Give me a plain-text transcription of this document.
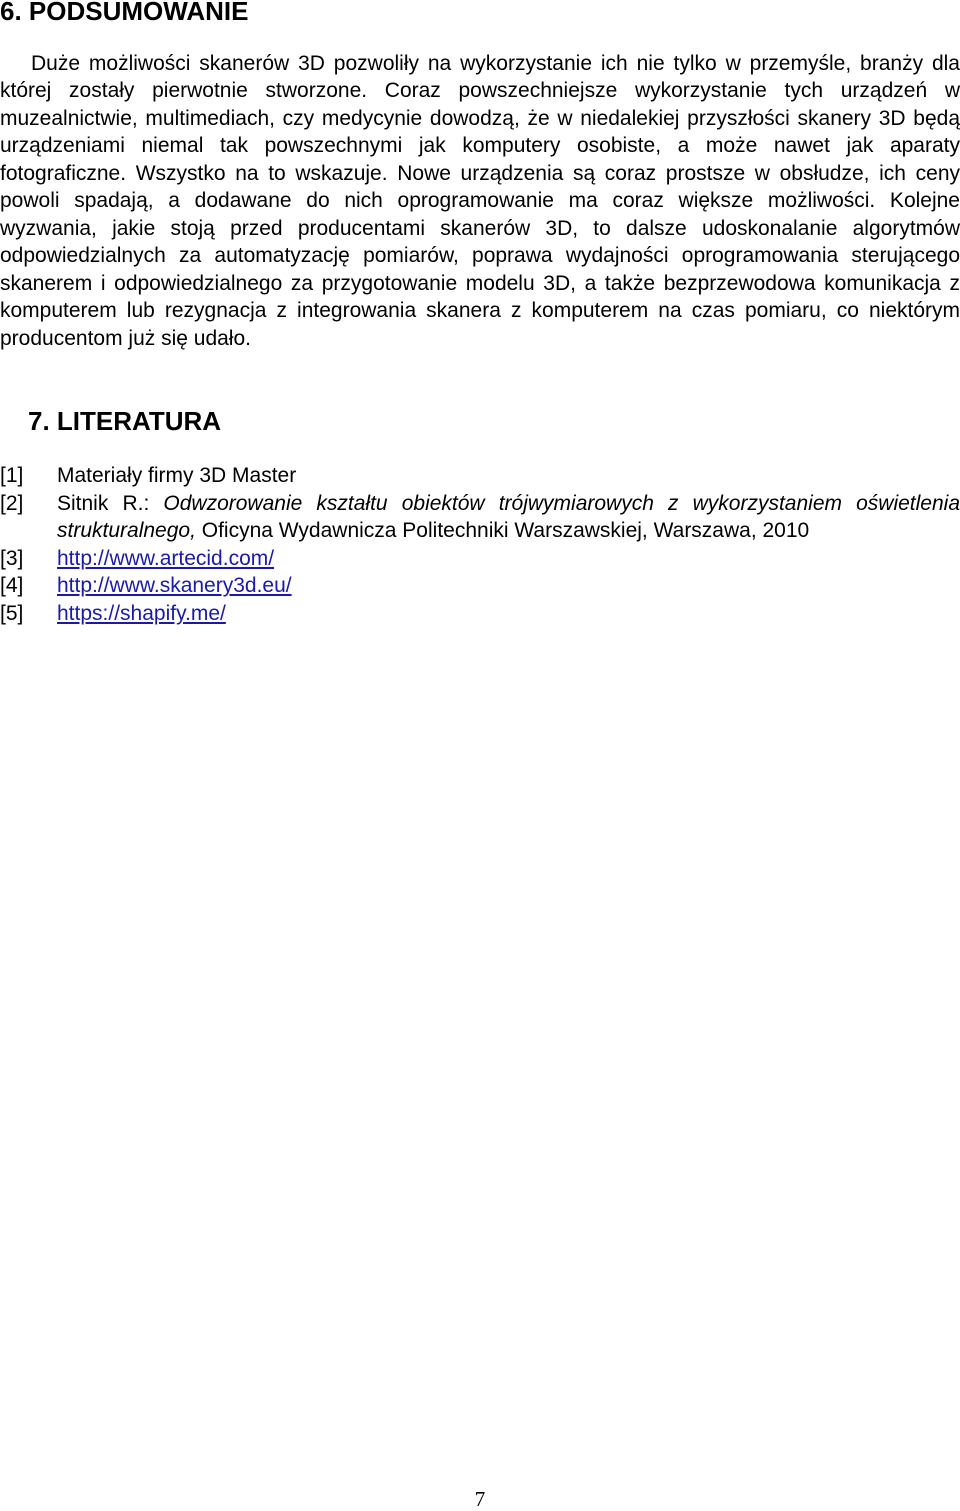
6. PODSUMOWANIE

Duże możliwości skanerów 3D pozwoliły na wykorzystanie ich nie tylko w przemyśle, branży dla której zostały pierwotnie stworzone. Coraz powszechniejsze wykorzystanie tych urządzeń w muzealnictwie, multimediach, czy medycynie dowodzą, że w niedalekiej przyszłości skanery 3D będą urządzeniami niemal tak powszechnymi jak komputery osobiste, a może nawet jak aparaty fotograficzne. Wszystko na to wskazuje. Nowe urządzenia są coraz prostsze w obsłudze, ich ceny powoli spadają, a dodawane do nich oprogramowanie ma coraz większe możliwości. Kolejne wyzwania, jakie stoją przed producentami skanerów 3D, to dalsze udoskonalanie algorytmów odpowiedzialnych za automatyzację pomiarów, poprawa wydajności oprogramowania sterującego skanerem i odpowiedzialnego za przygotowanie modelu 3D, a także bezprzewodowa komunikacja z komputerem lub rezygnacja z integrowania skanera z komputerem na czas pomiaru, co niektórym producentom już się udało.

7. LITERATURA
[1] Materiały firmy 3D Master
[2] Sitnik R.: Odwzorowanie kształtu obiektów trójwymiarowych z wykorzystaniem oświetlenia strukturalnego, Oficyna Wydawnicza Politechniki Warszawskiej, Warszawa, 2010
[3] http://www.artecid.com/
[4] http://www.skanery3d.eu/
[5] https://shapify.me/
7
